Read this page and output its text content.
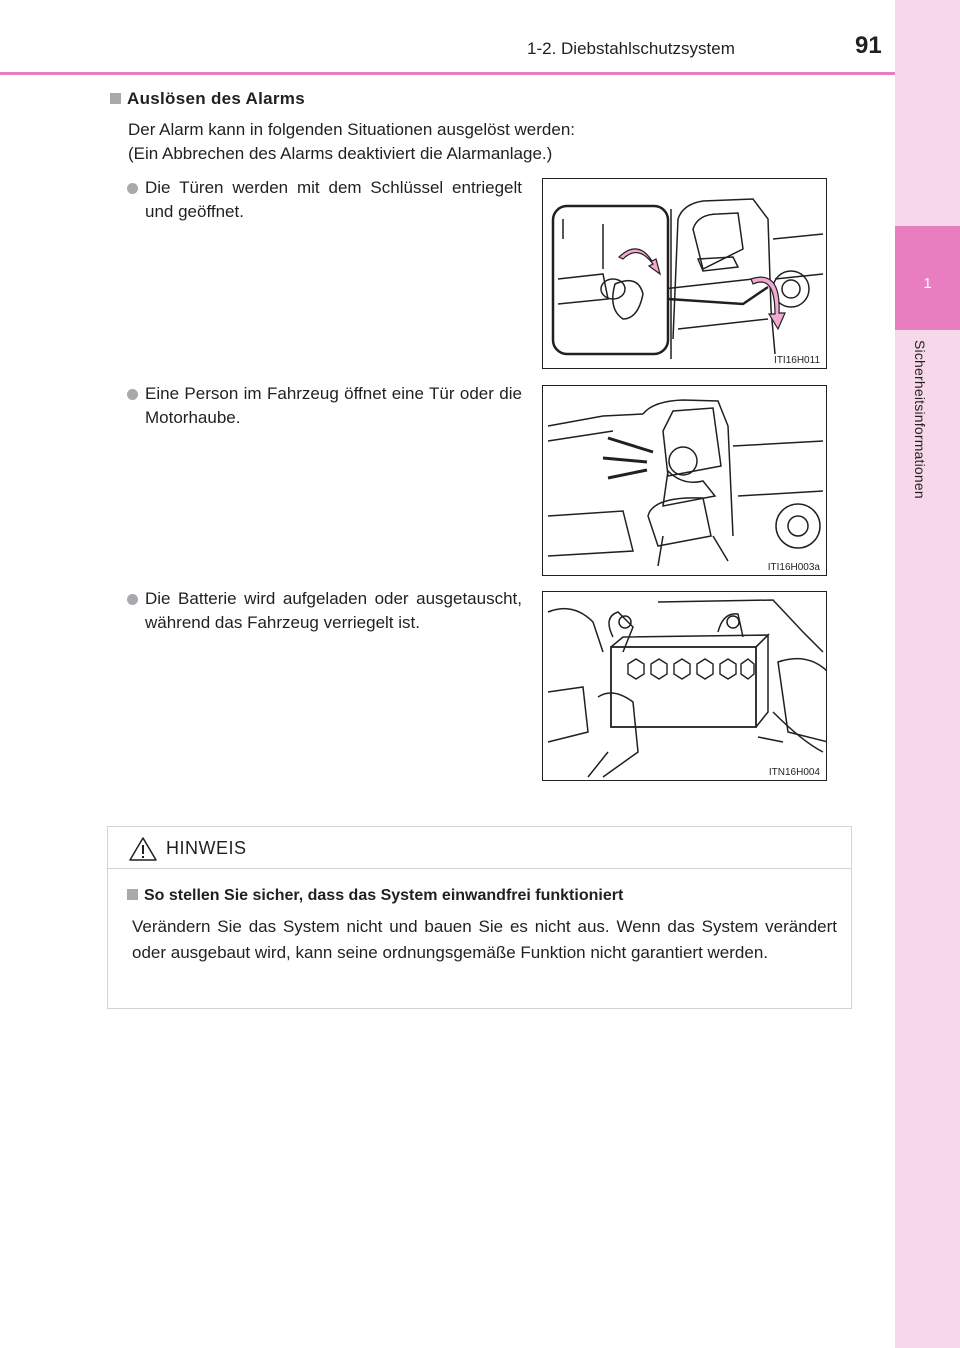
1
Sicherheitsinformationen
1-2. Diebstahlschutzsystem	91
Auslösen des Alarms
Der Alarm kann in folgenden Situationen ausgelöst werden:
(Ein Abbrechen des Alarms deaktiviert die Alarmanlage.)
Die Türen werden mit dem Schlüssel entriegelt und geöffnet.
ITI16H011
Eine Person im Fahrzeug öffnet eine Tür oder die Motorhaube.
ITI16H003a
Die Batterie wird aufgeladen oder ausgetauscht, während das Fahrzeug verriegelt ist.
ITN16H004
HINWEIS
So stellen Sie sicher, dass das System einwandfrei funktioniert
Verändern Sie das System nicht und bauen Sie es nicht aus. Wenn das System verändert oder ausgebaut wird, kann seine ordnungsgemäße Funktion nicht garantiert werden.
